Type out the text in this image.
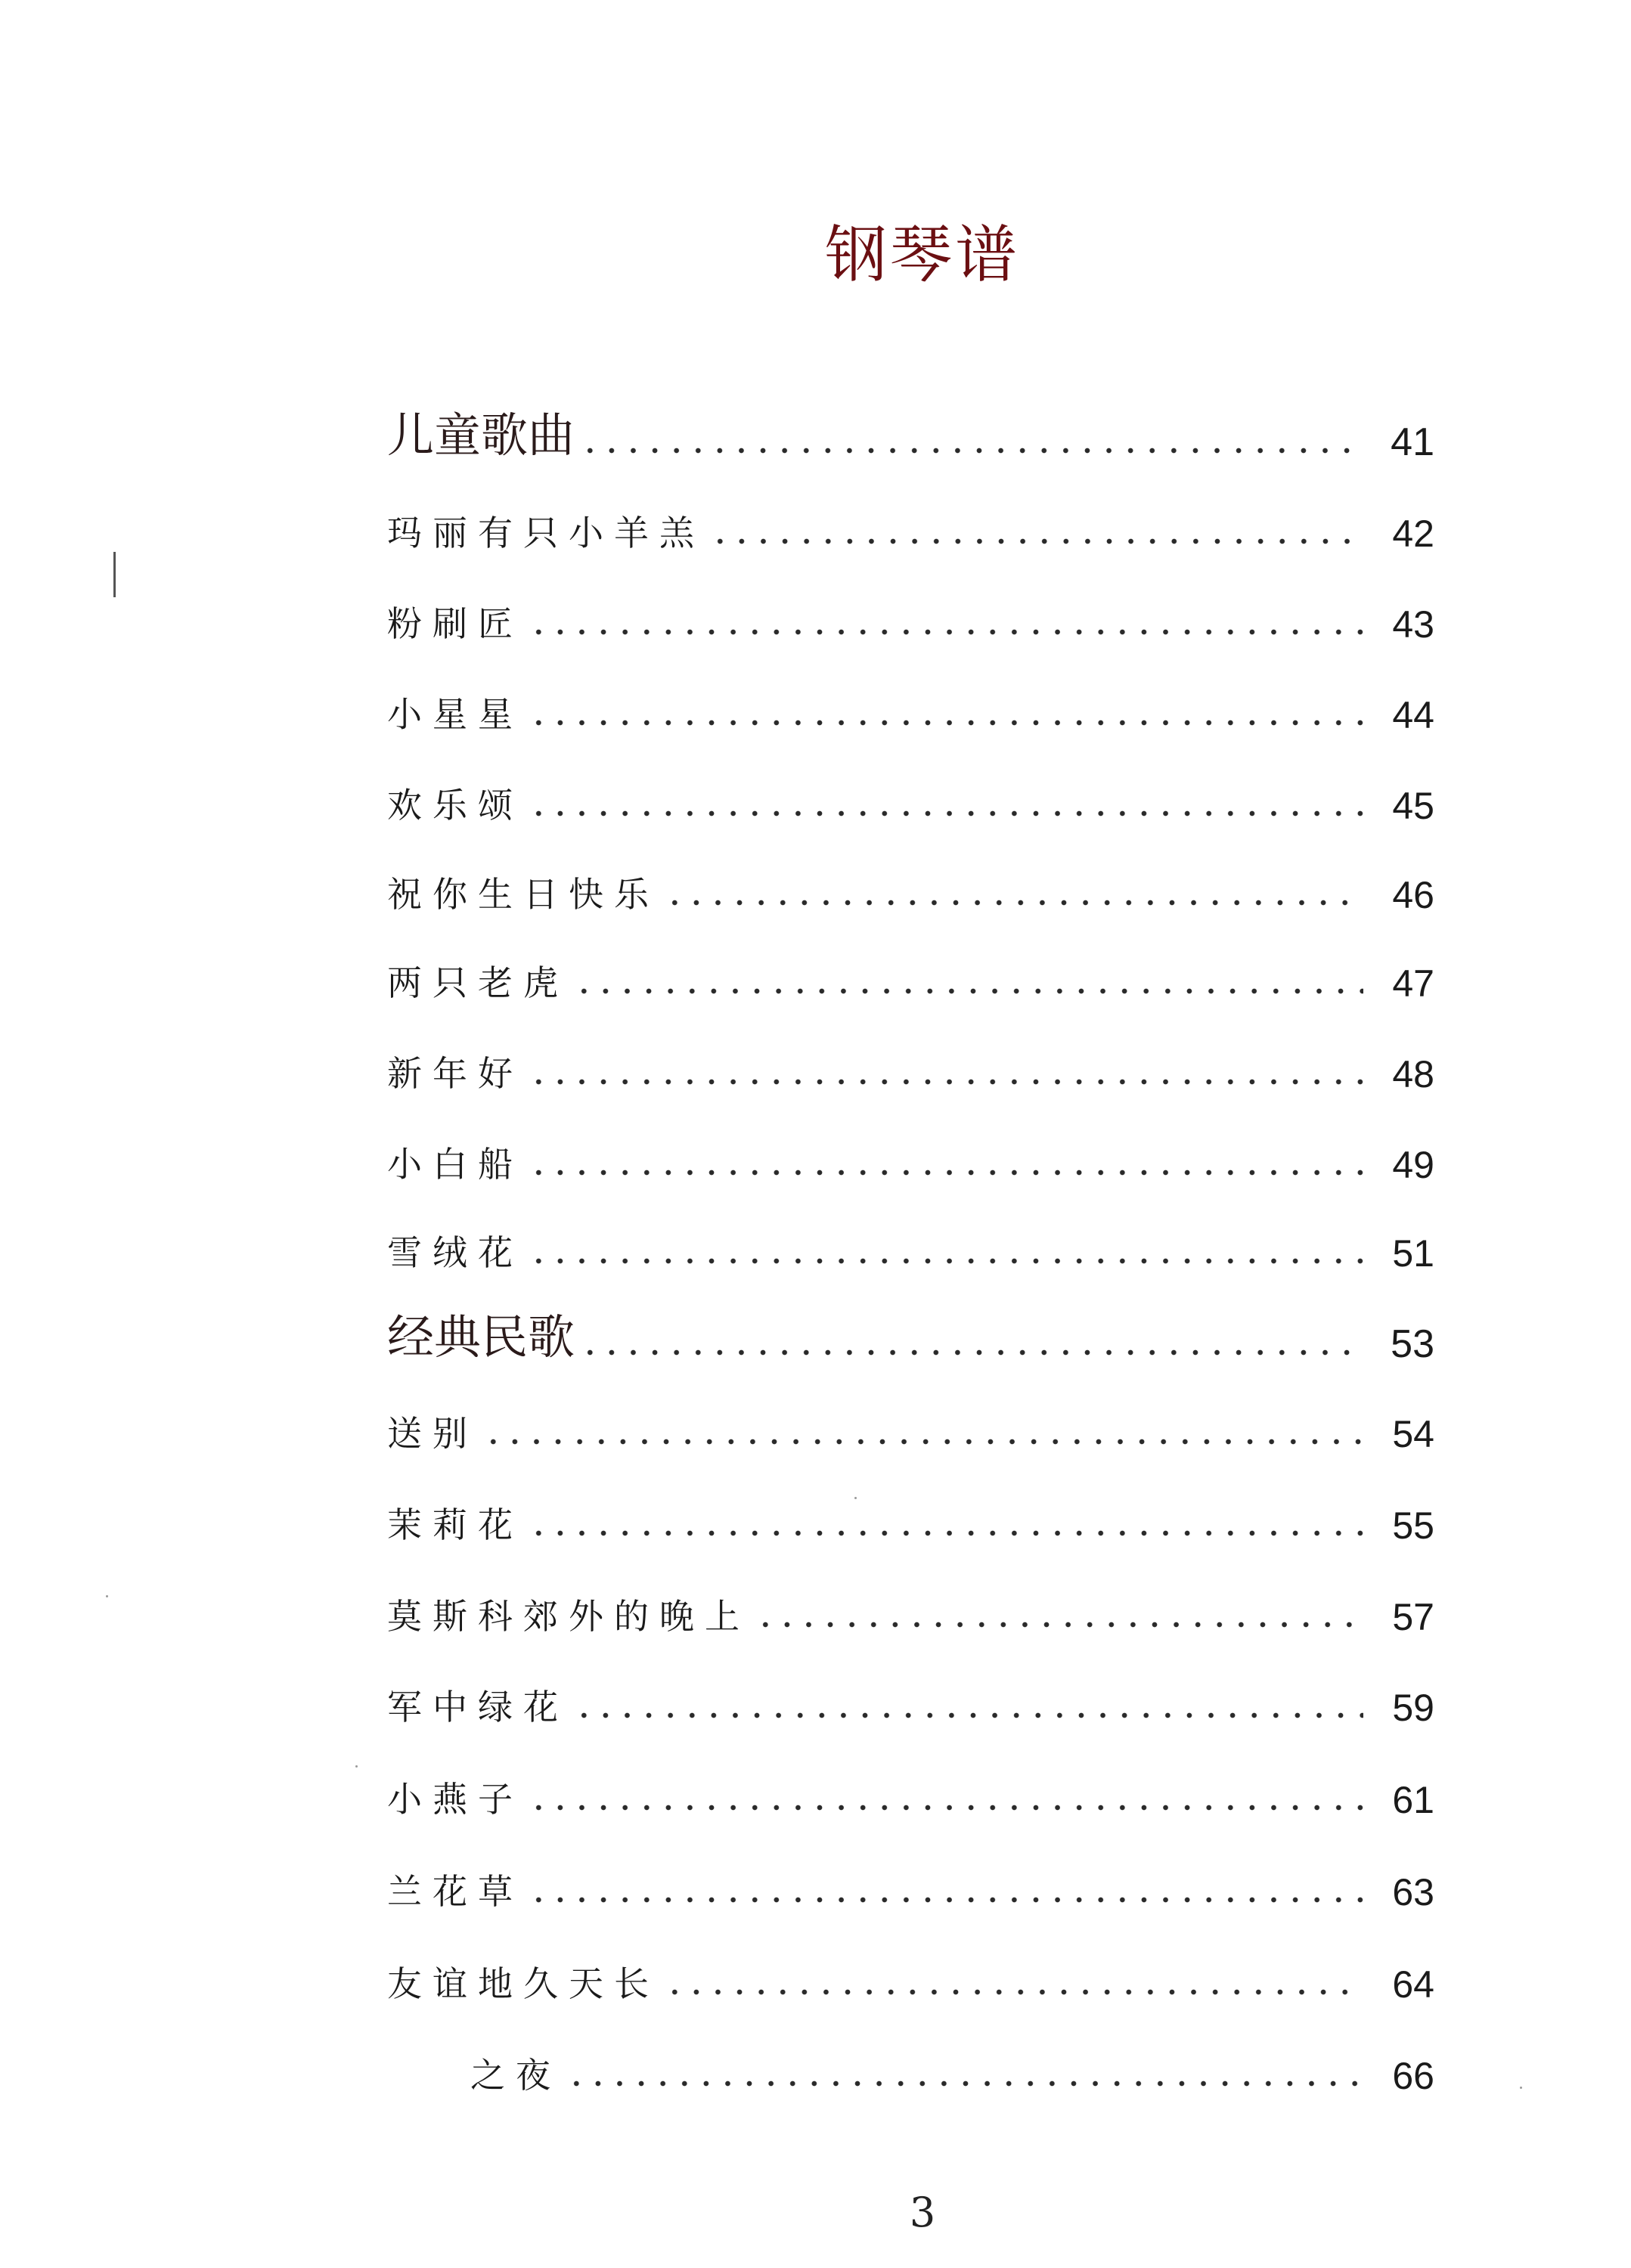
钢琴谱
儿童歌曲	41
玛丽有只小羊羔	42
粉刷匠	43
小星星	44
欢乐颂	45
祝你生日快乐	46
两只老虎	47
新年好	48
小白船	49
雪绒花	51
经典民歌	53
送别	54
茉莉花	55
莫斯科郊外的晚上	57
军中绿花	59
小燕子	61
兰花草	63
友谊地久天长	64
之夜	66
3
